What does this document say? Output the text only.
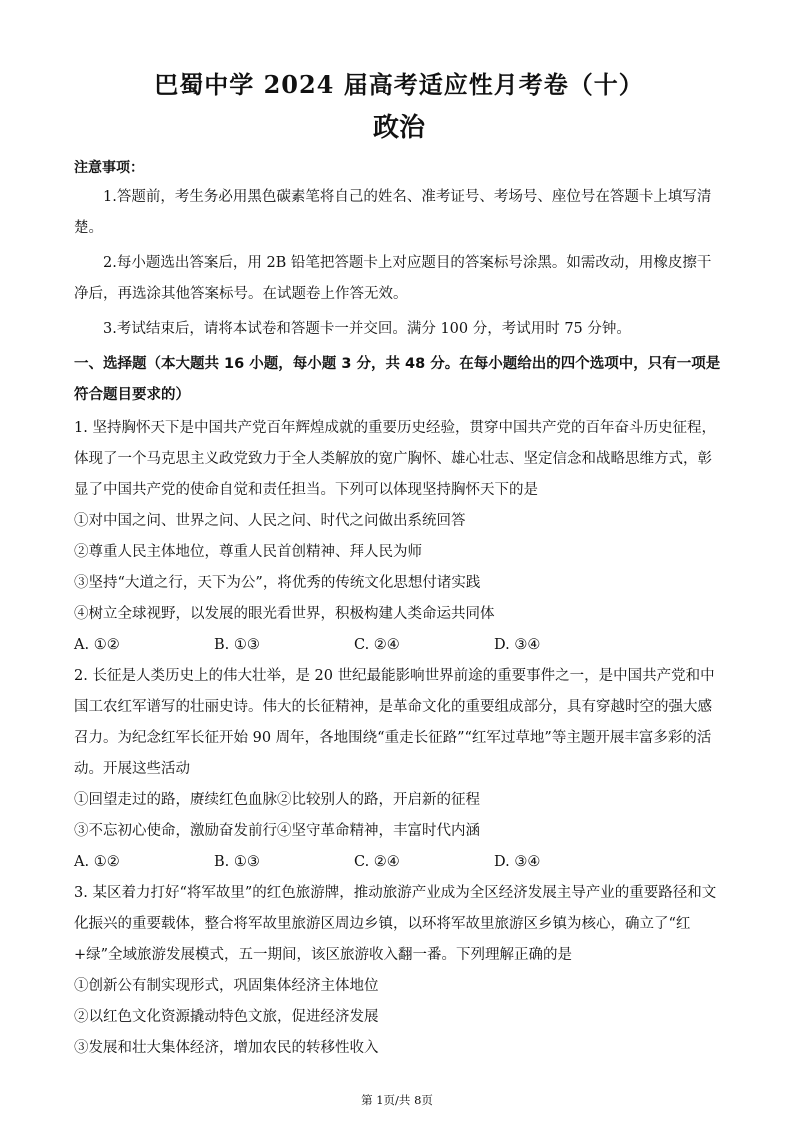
巴蜀中学 2024 届高考适应性月考卷（十）
政治
注意事项：
1.答题前，考生务必用黑色碳素笔将自己的姓名、准考证号、考场号、座位号在答题卡上填写清楚。
2.每小题选出答案后，用 2B 铅笔把答题卡上对应题目的答案标号涂黑。如需改动，用橡皮擦干净后，再选涂其他答案标号。在试题卷上作答无效。
3.考试结束后，请将本试卷和答题卡一并交回。满分 100 分，考试用时 75 分钟。
一、选择题（本大题共 16 小题，每小题 3 分，共 48 分。在每小题给出的四个选项中，只有一项是符合题目要求的）
1. 坚持胸怀天下是中国共产党百年辉煌成就的重要历史经验，贯穿中国共产党的百年奋斗历史征程，体现了一个马克思主义政党致力于全人类解放的宽广胸怀、雄心壮志、坚定信念和战略思维方式，彰显了中国共产党的使命自觉和责任担当。下列可以体现坚持胸怀天下的是
①对中国之问、世界之问、人民之问、时代之问做出系统回答
②尊重人民主体地位，尊重人民首创精神、拜人民为师
③坚持“大道之行，天下为公”，将优秀的传统文化思想付诸实践
④树立全球视野，以发展的眼光看世界，积极构建人类命运共同体
A. ①②	B. ①③	C. ②④	D. ③④
2. 长征是人类历史上的伟大壮举，是 20 世纪最能影响世界前途的重要事件之一，是中国共产党和中国工农红军谱写的壮丽史诗。伟大的长征精神，是革命文化的重要组成部分，具有穿越时空的强大感召力。为纪念红军长征开始 90 周年，各地围绕“重走长征路”“红军过草地”等主题开展丰富多彩的活动。开展这些活动
①回望走过的路，赓续红色血脉②比较别人的路，开启新的征程
③不忘初心使命，激励奋发前行④坚守革命精神，丰富时代内涵
A. ①②	B. ①③	C. ②④	D. ③④
3. 某区着力打好“将军故里”的红色旅游牌，推动旅游产业成为全区经济发展主导产业的重要路径和文化振兴的重要载体，整合将军故里旅游区周边乡镇，以环将军故里旅游区乡镇为核心，确立了“红+绿”全域旅游发展模式，五一期间，该区旅游收入翻一番。下列理解正确的是
①创新公有制实现形式，巩固集体经济主体地位
②以红色文化资源撬动特色文旅，促进经济发展
③发展和壮大集体经济，增加农民的转移性收入
第 1页/共 8页
